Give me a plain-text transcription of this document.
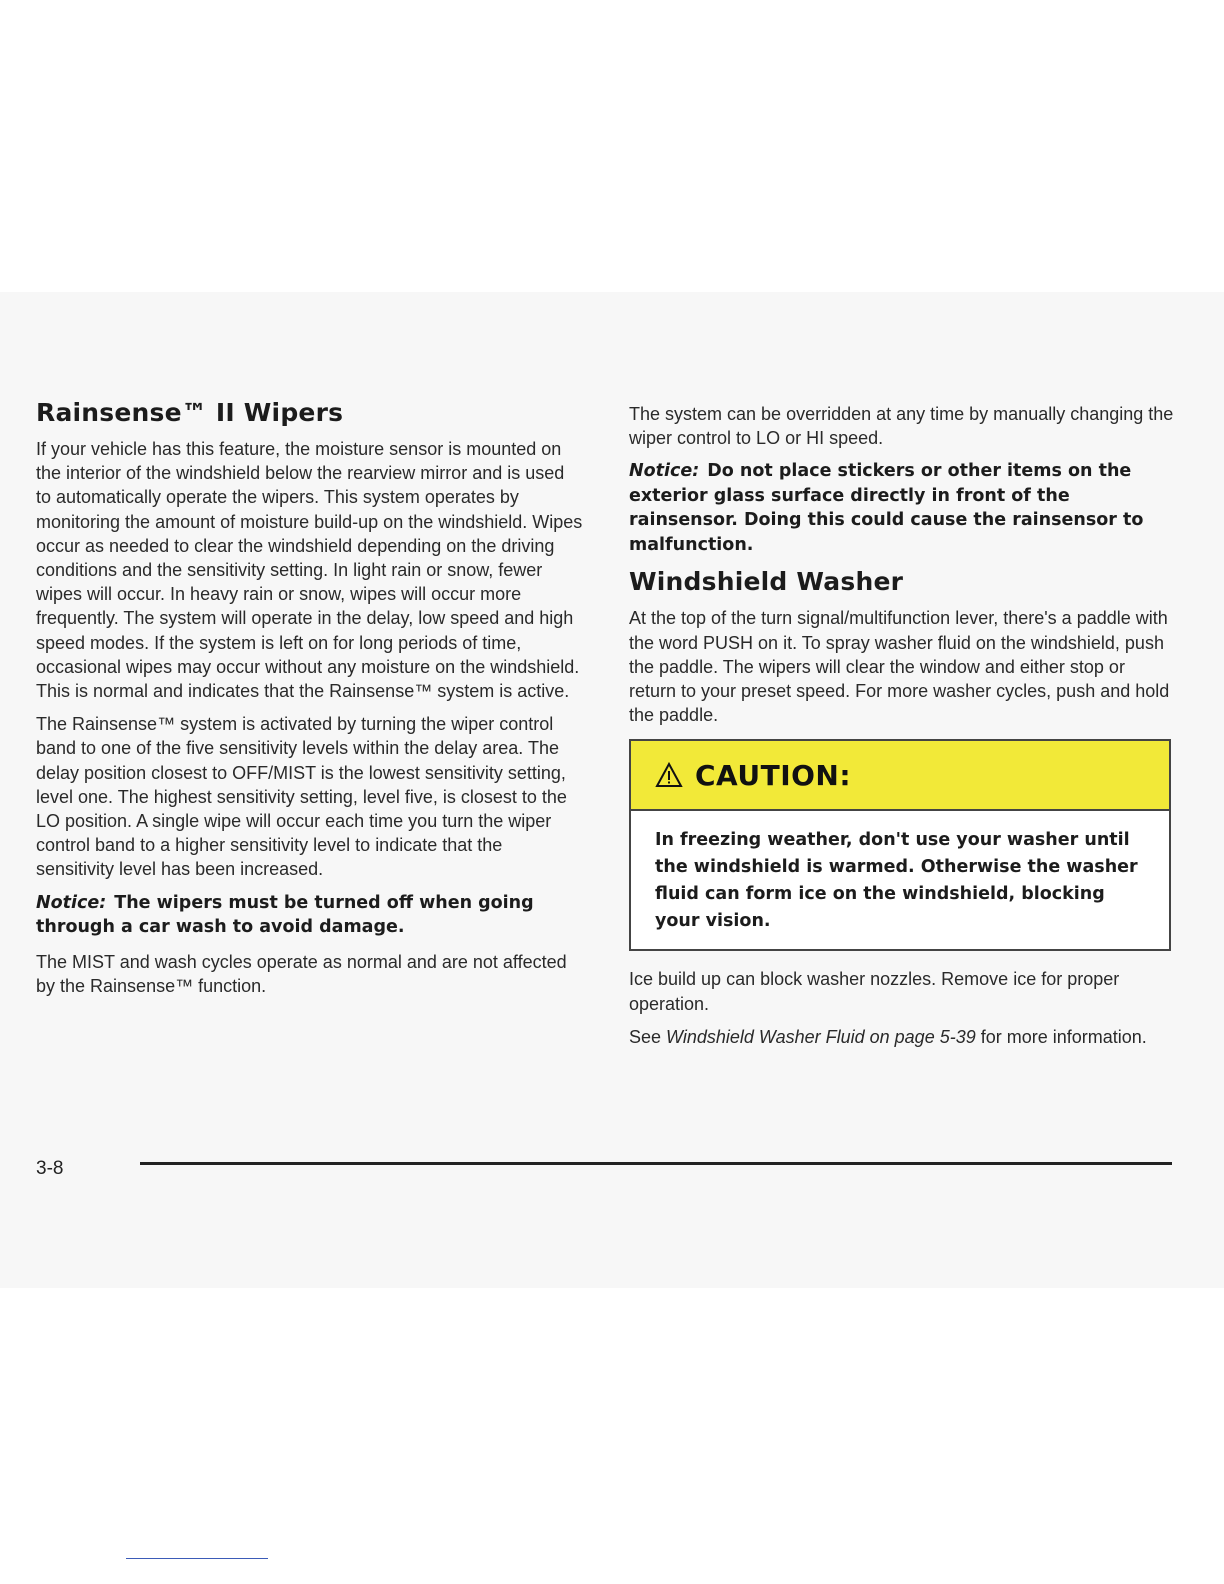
Rainsense™ II Wipers

If your vehicle has this feature, the moisture sensor is mounted on the interior of the windshield below the rearview mirror and is used to automatically operate the wipers. This system operates by monitoring the amount of moisture build-up on the windshield. Wipes occur as needed to clear the windshield depending on the driving conditions and the sensitivity setting. In light rain or snow, fewer wipes will occur. In heavy rain or snow, wipes will occur more frequently. The system will operate in the delay, low speed and high speed modes. If the system is left on for long periods of time, occasional wipes may occur without any moisture on the windshield. This is normal and indicates that the Rainsense™ system is active.

The Rainsense™ system is activated by turning the wiper control band to one of the five sensitivity levels within the delay area. The delay position closest to OFF/MIST is the lowest sensitivity setting, level one. The highest sensitivity setting, level five, is closest to the LO position. A single wipe will occur each time you turn the wiper control band to a higher sensitivity level to indicate that the sensitivity level has been increased.

Notice: The wipers must be turned off when going through a car wash to avoid damage.

The MIST and wash cycles operate as normal and are not affected by the Rainsense™ function.

The system can be overridden at any time by manually changing the wiper control to LO or HI speed.

Notice: Do not place stickers or other items on the exterior glass surface directly in front of the rainsensor. Doing this could cause the rainsensor to malfunction.

Windshield Washer

At the top of the turn signal/multifunction lever, there's a paddle with the word PUSH on it. To spray washer fluid on the windshield, push the paddle. The wipers will clear the window and either stop or return to your preset speed. For more washer cycles, push and hold the paddle.

CAUTION:
In freezing weather, don't use your washer until the windshield is warmed. Otherwise the washer fluid can form ice on the windshield, blocking your vision.

Ice build up can block washer nozzles. Remove ice for proper operation.

See Windshield Washer Fluid on page 5-39 for more information.

3-8
